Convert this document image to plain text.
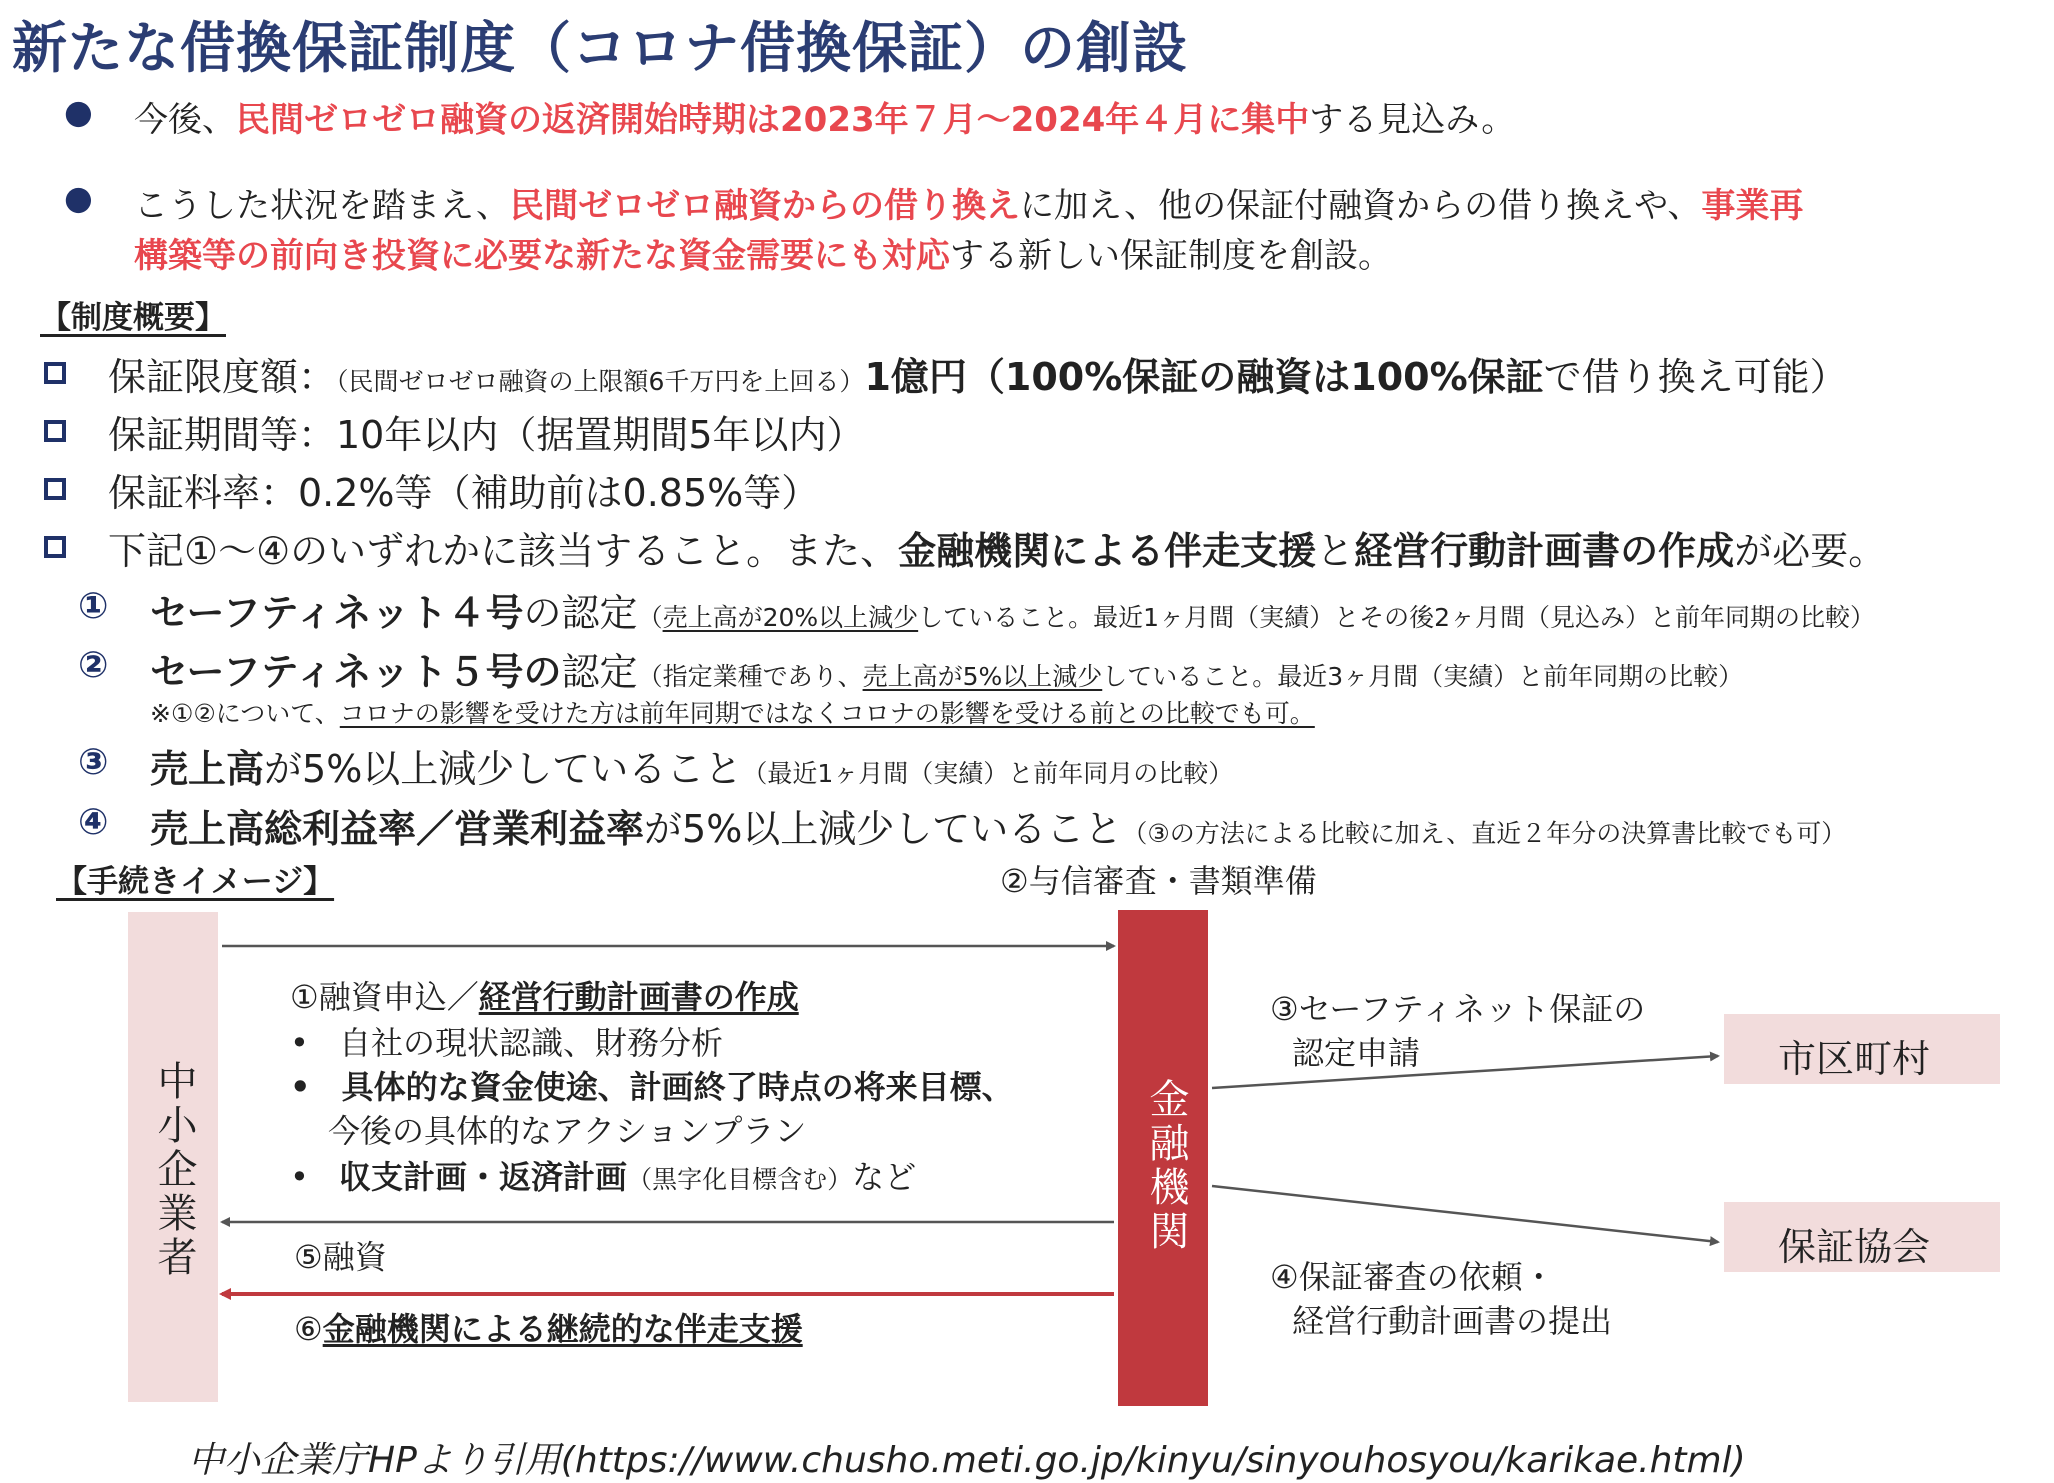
新たな借換保証制度（コロナ借換保証）の創設
● 今後、民間ゼロゼロ融資の返済開始時期は2023年７月～2024年４月に集中する見込み。
● こうした状況を踏まえ、民間ゼロゼロ融資からの借り換えに加え、他の保証付融資からの借り換えや、事業再
構築等の前向き投資に必要な新たな資金需要にも対応する新しい保証制度を創設。
【制度概要】
保証限度額：（民間ゼロゼロ融資の上限額6千万円を上回る）1億円（100%保証の融資は100%保証で借り換え可能）
保証期間等：10年以内（据置期間5年以内）
保証料率：0.2%等（補助前は0.85%等）
下記①～④のいずれかに該当すること。また、金融機関による伴走支援と経営行動計画書の作成が必要。
① セーフティネット４号の認定（売上高が20%以上減少していること。最近1ヶ月間（実績）とその後2ヶ月間（見込み）と前年同期の比較）
② セーフティネット５号の認定（指定業種であり、売上高が5%以上減少していること。最近3ヶ月間（実績）と前年同期の比較）
※①②について、コロナの影響を受けた方は前年同期ではなくコロナの影響を受ける前との比較でも可。
③ 売上高が5%以上減少していること（最近1ヶ月間（実績）と前年同月の比較）
④ 売上高総利益率／営業利益率が5%以上減少していること（③の方法による比較に加え、直近２年分の決算書比較でも可）
【手続きイメージ】	②与信審査・書類準備
中小企業者	金融機関
市区町村
保証協会
①融資申込／経営行動計画書の作成
• 自社の現状認識、財務分析
• 具体的な資金使途、計画終了時点の将来目標、
今後の具体的なアクションプラン
• 収支計画・返済計画（黒字化目標含む）など
⑤融資
⑥金融機関による継続的な伴走支援
③セーフティネット保証の
認定申請
④保証審査の依頼・
経営行動計画書の提出
中小企業庁HPより引用(https://www.chusho.meti.go.jp/kinyu/sinyouhosyou/karikae.html)
